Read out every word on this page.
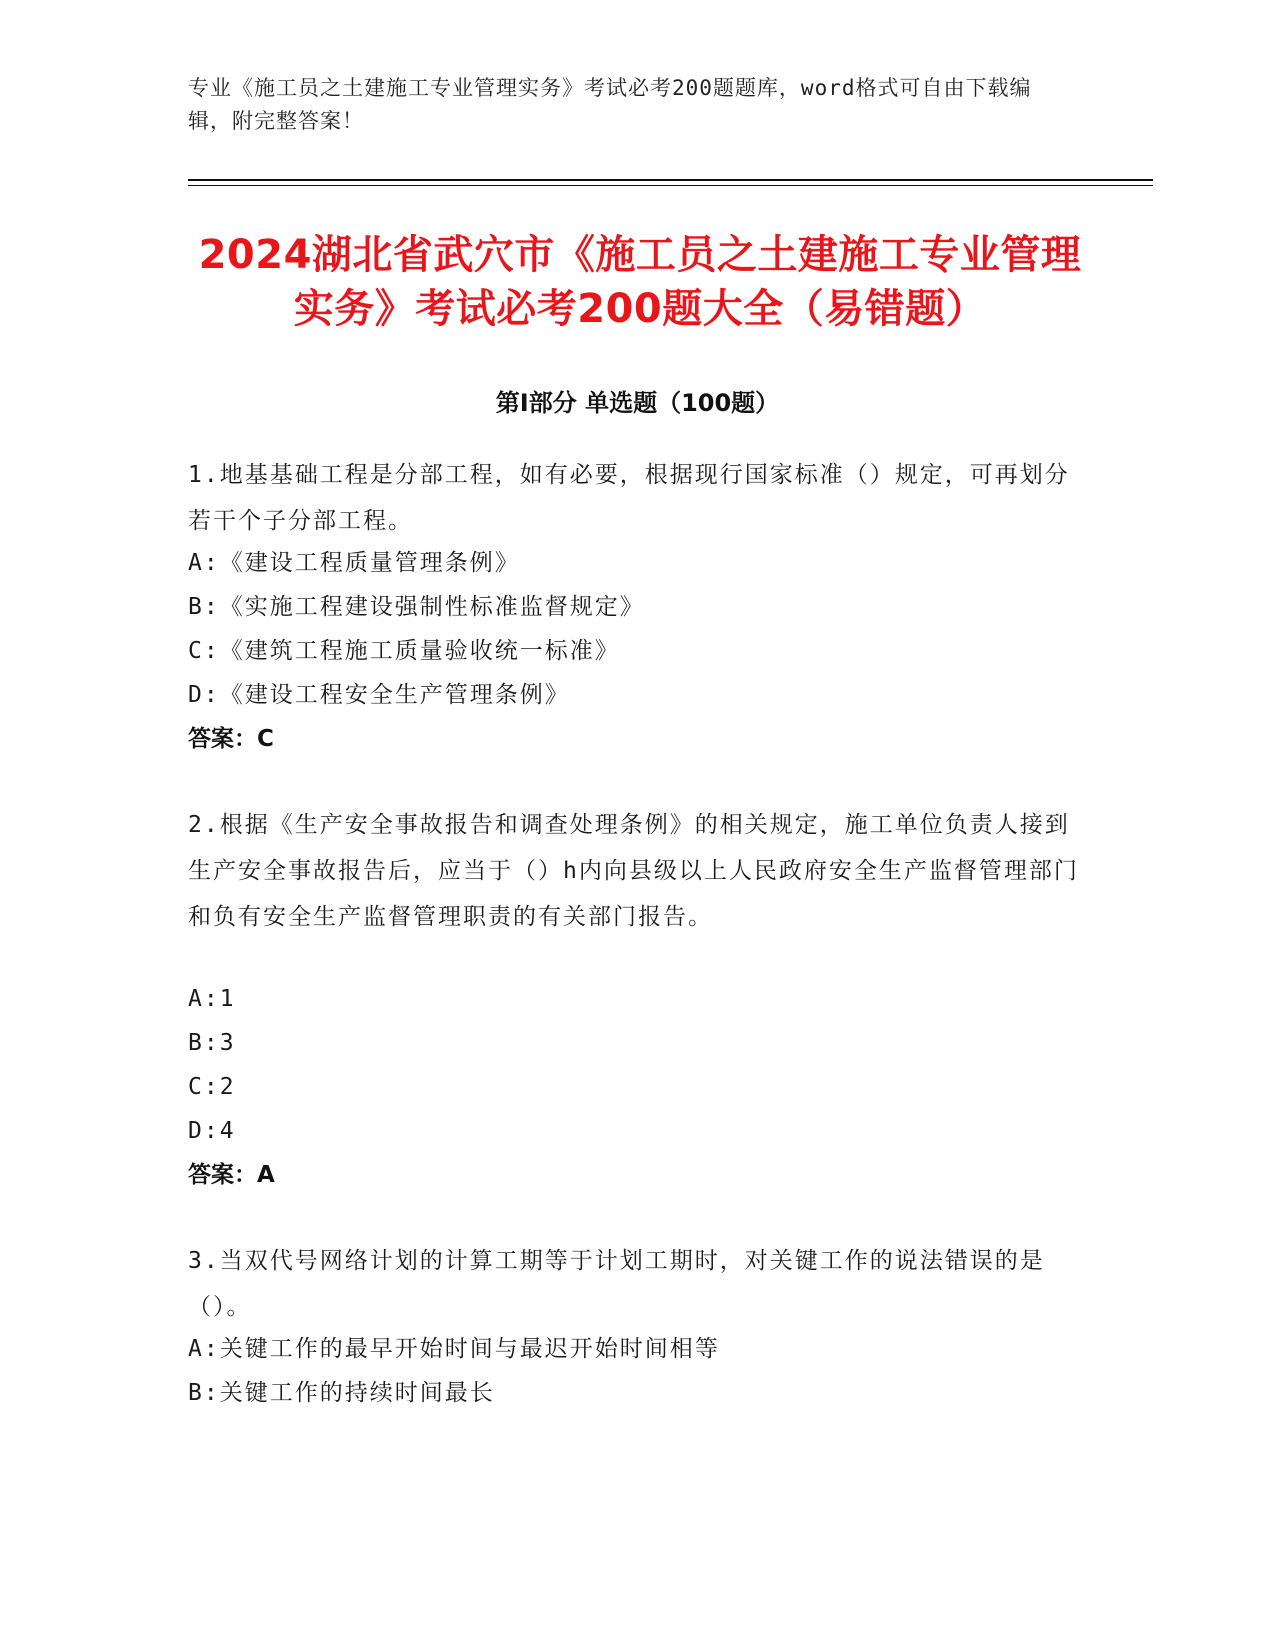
专业《施工员之土建施工专业管理实务》考试必考200题题库，word格式可自由下载编辑，附完整答案！
2024湖北省武穴市《施工员之土建施工专业管理实务》考试必考200题大全（易错题）
第I部分 单选题（100题）
1.地基基础工程是分部工程，如有必要，根据现行国家标准（）规定，可再划分若干个子分部工程。
A:《建设工程质量管理条例》
B:《实施工程建设强制性标准监督规定》
C:《建筑工程施工质量验收统一标准》
D:《建设工程安全生产管理条例》
答案：C
2.根据《生产安全事故报告和调查处理条例》的相关规定，施工单位负责人接到生产安全事故报告后，应当于（）h内向县级以上人民政府安全生产监督管理部门和负有安全生产监督管理职责的有关部门报告。
A:1
B:3
C:2
D:4
答案：A
3.当双代号网络计划的计算工期等于计划工期时，对关键工作的说法错误的是（）。
A:关键工作的最早开始时间与最迟开始时间相等
B:关键工作的持续时间最长
